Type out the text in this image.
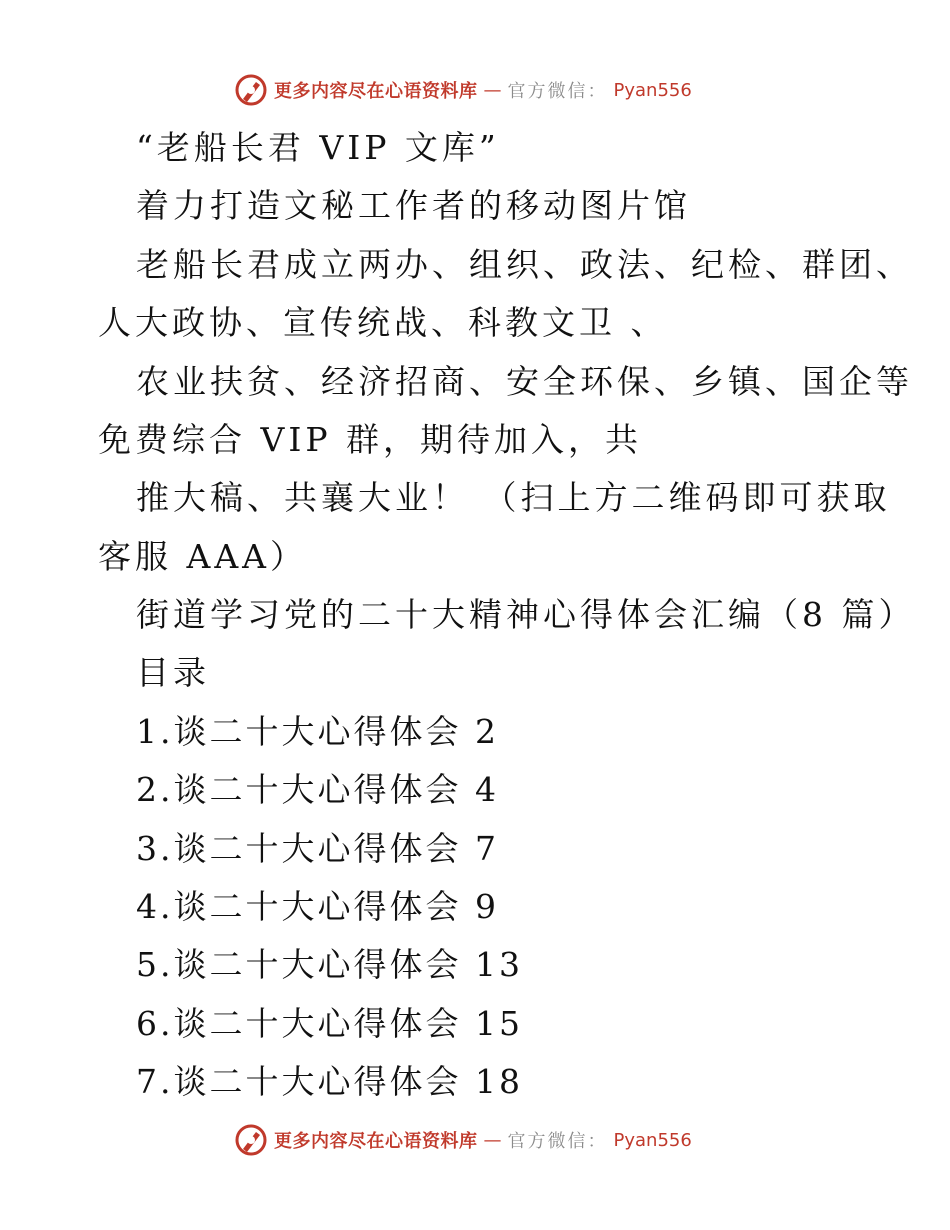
更多内容尽在心语资料库 — 官方微信： Pyan556
“老船长君 VIP 文库”
着力打造文秘工作者的移动图片馆
老船长君成立两办、组织、政法、纪检、群团、
人大政协、宣传统战、科教文卫 、
农业扶贫、经济招商、安全环保、乡镇、国企等
免费综合 VIP 群，期待加入，共
推大稿、共襄大业！ （扫上方二维码即可获取
客服 AAA）
街道学习党的二十大精神心得体会汇编（8 篇）
目录
1.谈二十大心得体会 2
2.谈二十大心得体会 4
3.谈二十大心得体会 7
4.谈二十大心得体会 9
5.谈二十大心得体会 13
6.谈二十大心得体会 15
7.谈二十大心得体会 18
更多内容尽在心语资料库 — 官方微信： Pyan556
